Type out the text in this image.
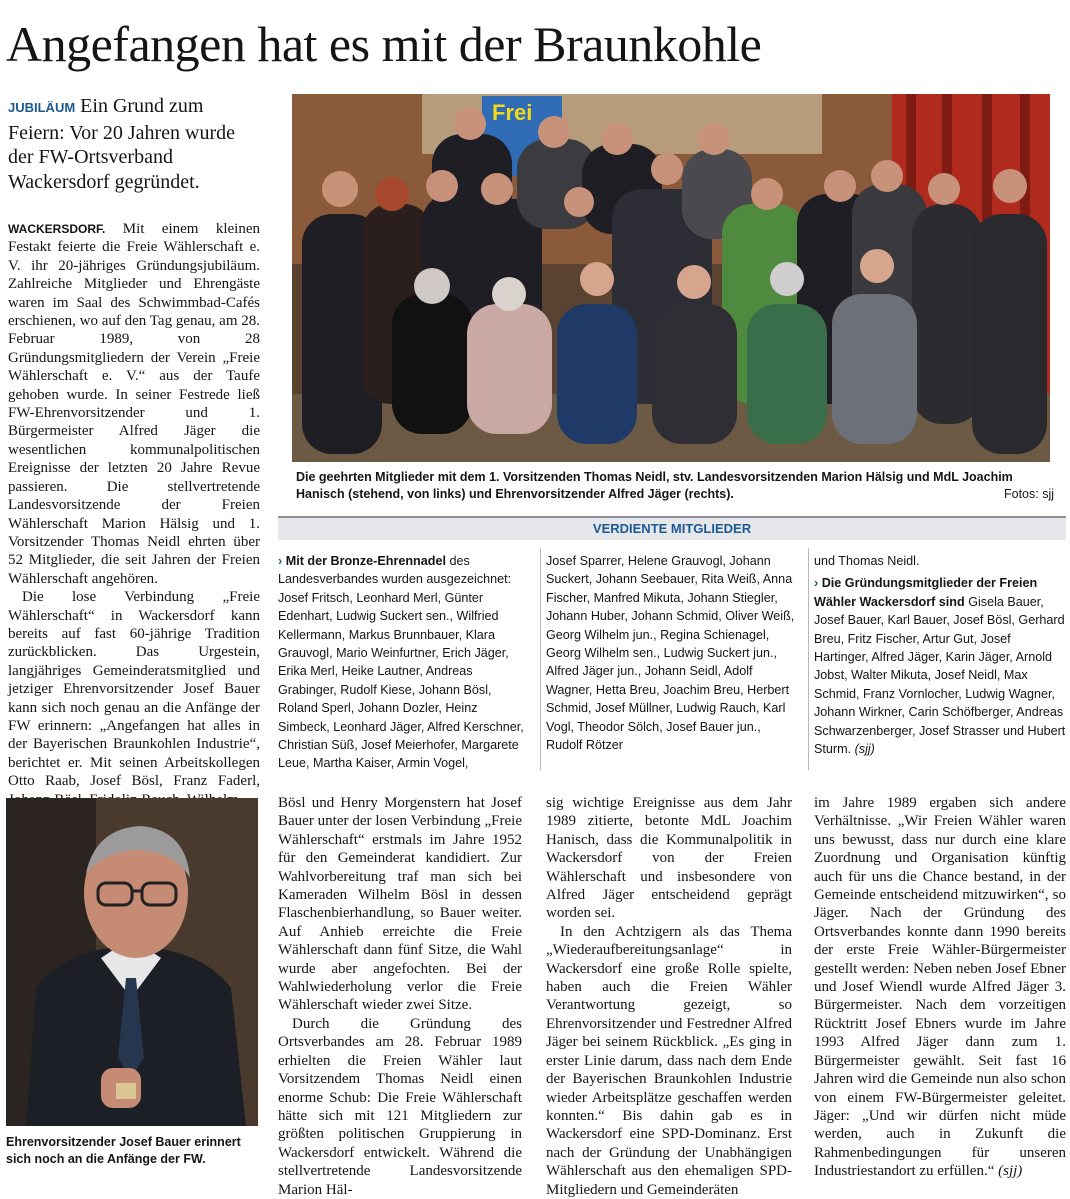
Angefangen hat es mit der Braunkohle

JUBILÄUM Ein Grund zum Feiern: Vor 20 Jahren wurde der FW-Ortsverband Wackersdorf gegründet.

WACKERSDORF. Mit einem kleinen Festakt feierte die Freie Wählerschaft e. V. ihr 20-jähriges Gründungsjubiläum. Zahlreiche Mitglieder und Ehrengäste waren im Saal des Schwimmbad-Cafés erschienen, wo auf den Tag genau, am 28. Februar 1989, von 28 Gründungsmitgliedern der Verein „Freie Wählerschaft e. V.“ aus der Taufe gehoben wurde. In seiner Festrede ließ FW-Ehrenvorsitzender und 1. Bürgermeister Alfred Jäger die wesentlichen kommunalpolitischen Ereignisse der letzten 20 Jahre Revue passieren. Die stellvertretende Landesvorsitzende der Freien Wählerschaft Marion Hälsig und 1. Vorsitzender Thomas Neidl ehrten über 52 Mitglieder, die seit Jahren der Freien Wählerschaft angehören.

Die lose Verbindung „Freie Wählerschaft“ in Wackersdorf kann bereits auf fast 60-jährige Tradition zurückblicken. Das Urgestein, langjähriges Gemeinderatsmitglied und jetziger Ehrenvorsitzender Josef Bauer kann sich noch genau an die Anfänge der FW erinnern: „Angefangen hat alles in der Bayerischen Braunkohlen Industrie“, berichtet er. Mit seinen Arbeitskollegen Otto Raab, Josef Bösl, Franz Faderl,

Frei

Die geehrten Mitglieder mit dem 1. Vorsitzenden Thomas Neidl, stv. Landesvorsitzenden Marion Hälsig und MdL Joachim Hanisch (stehend, von links) und Ehrenvorsitzender Alfred Jäger (rechts).	Fotos: sjj

VERDIENTE MITGLIEDER

› Mit der Bronze-Ehrennadel des Landesverbandes wurden ausgezeichnet: Josef Fritsch, Leonhard Merl, Günter Edenhart, Ludwig Suckert sen., Wilfried Kellermann, Markus Brunnbauer, Klara Grauvogl, Mario Weinfurtner, Erich Jäger, Erika Merl, Heike Lautner, Andreas Grabinger, Rudolf Kiese, Johann Bösl, Roland Sperl, Johann Dozler, Heinz Simbeck, Leonhard Jäger, Alfred Kerschner, Christian Süß, Josef Meierhofer, Margarete Leue, Martha Kaiser, Armin Vogel,

Josef Sparrer, Helene Grauvogl, Johann Suckert, Johann Seebauer, Rita Weiß, Anna Fischer, Manfred Mikuta, Johann Stiegler, Johann Huber, Johann Schmid, Oliver Weiß, Georg Wilhelm jun., Regina Schienagel, Georg Wilhelm sen., Ludwig Suckert jun., Alfred Jäger jun., Johann Seidl, Adolf Wagner, Hetta Breu, Joachim Breu, Herbert Schmid, Josef Müllner, Ludwig Rauch, Karl Vogl, Theodor Sölch, Josef Bauer jun., Rudolf Rötzer

und Thomas Neidl.
› Die Gründungsmitglieder der Freien Wähler Wackersdorf sind Gisela Bauer, Josef Bauer, Karl Bauer, Josef Bösl, Gerhard Breu, Fritz Fischer, Artur Gut, Josef Hartinger, Alfred Jäger, Karin Jäger, Arnold Jobst, Walter Mikuta, Josef Neidl, Max Schmid, Franz Vornlocher, Ludwig Wagner, Johann Wirkner, Carin Schöfberger, Andreas Schwarzenberger, Josef Strasser und Hubert Sturm. (sjj)

Ehrenvorsitzender Josef Bauer erinnert sich noch an die Anfänge der FW.

Bösl und Henry Morgenstern hat Josef Bauer unter der losen Verbindung „Freie Wählerschaft“ erstmals im Jahre 1952 für den Gemeinderat kandidiert. Zur Wahlvorbereitung traf man sich bei Kameraden Wilhelm Bösl in dessen Flaschenbierhandlung, so Bauer weiter. Auf Anhieb erreichte die Freie Wählerschaft dann fünf Sitze, die Wahl wurde aber angefochten. Bei der Wahlwiederholung verlor die Freie Wählerschaft wieder zwei Sitze.

Durch die Gründung des Ortsverbandes am 28. Februar 1989 erhielten die Freien Wähler laut Vorsitzendem Thomas Neidl einen enorme Schub: Die Freie Wählerschaft hätte sich mit 121 Mitgliedern zur größten politischen Gruppierung in Wackersdorf entwickelt. Während die stellvertretende Landesvorsitzende Marion Häl-

sig wichtige Ereignisse aus dem Jahr 1989 zitierte, betonte MdL Joachim Hanisch, dass die Kommunalpolitik in Wackersdorf von der Freien Wählerschaft und insbesondere von Alfred Jäger entscheidend geprägt worden sei.

In den Achtzigern als das Thema „Wiederaufbereitungsanlage“ in Wackersdorf eine große Rolle spielte, haben auch die Freien Wähler Verantwortung gezeigt, so Ehrenvorsitzender und Festredner Alfred Jäger bei seinem Rückblick. „Es ging in erster Linie darum, dass nach dem Ende der Bayerischen Braunkohlen Industrie wieder Arbeitsplätze geschaffen werden konnten.“ Bis dahin gab es in Wackersdorf eine SPD-Dominanz. Erst nach der Gründung der Unabhängigen Wählerschaft aus den ehemaligen SPD-Mitgliedern und Gemeinderäten

im Jahre 1989 ergaben sich andere Verhältnisse. „Wir Freien Wähler waren uns bewusst, dass nur durch eine klare Zuordnung und Organisation künftig auch für uns die Chance bestand, in der Gemeinde entscheidend mitzuwirken“, so Jäger. Nach der Gründung des Ortsverbandes konnte dann 1990 bereits der erste Freie Wähler-Bürgermeister gestellt werden: Neben neben Josef Ebner und Josef Wiendl wurde Alfred Jäger 3. Bürgermeister. Nach dem vorzeitigen Rücktritt Josef Ebners wurde im Jahre 1993 Alfred Jäger dann zum 1. Bürgermeister gewählt. Seit fast 16 Jahren wird die Gemeinde nun also schon von einem FW-Bürgermeister geleitet. Jäger: „Und wir dürfen nicht müde werden, auch in Zukunft die Rahmenbedingungen für unseren Industriestandort zu erfüllen.“ (sjj)
